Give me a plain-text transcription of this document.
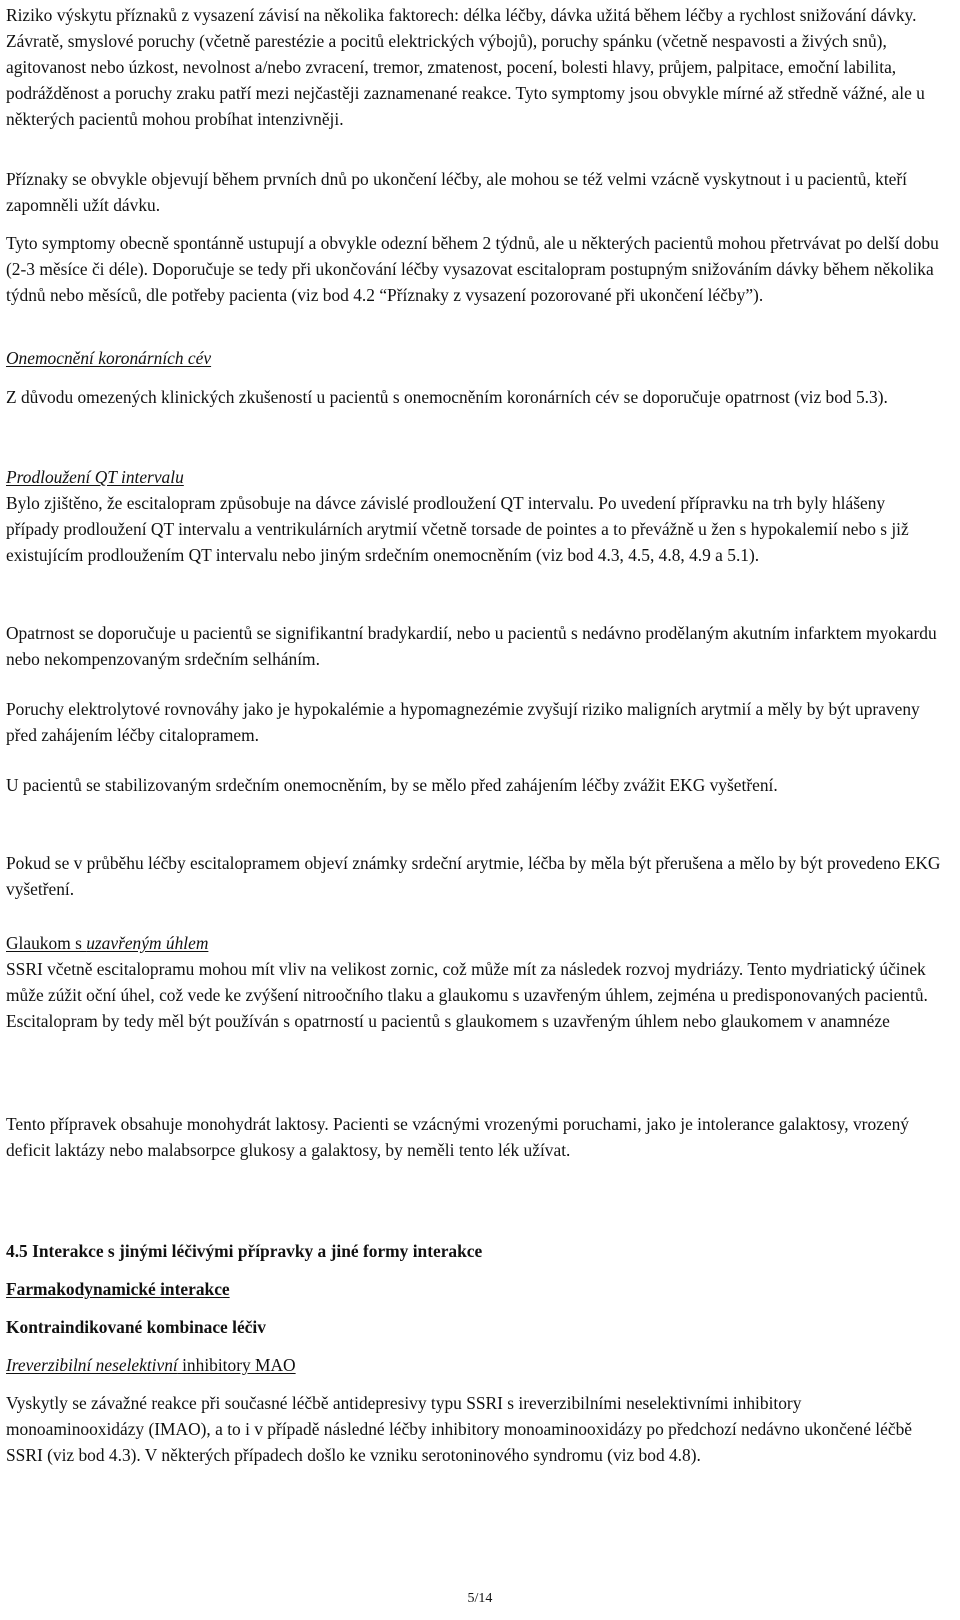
Riziko výskytu příznaků z vysazení závisí na několika faktorech: délka léčby, dávka užitá během léčby a rychlost snižování dávky. Závratě, smyslové poruchy (včetně parestézie a pocitů elektrických výbojů), poruchy spánku (včetně nespavosti a živých snů), agitovanost nebo úzkost, nevolnost a/nebo zvracení, tremor, zmatenost, pocení, bolesti hlavy, průjem, palpitace, emoční labilita, podrážděnost a poruchy zraku patří mezi nejčastěji zaznamenané reakce. Tyto symptomy jsou obvykle mírné až středně vážné, ale u některých pacientů mohou probíhat intenzivněji.

Příznaky se obvykle objevují během prvních dnů po ukončení léčby, ale mohou se též velmi vzácně vyskytnout i u pacientů, kteří zapomněli užít dávku.

Tyto symptomy obecně spontánně ustupují a obvykle odezní během 2 týdnů, ale u některých pacientů mohou přetrvávat po delší dobu (2-3 měsíce či déle). Doporučuje se tedy při ukončování léčby vysazovat escitalopram postupným snižováním dávky během několika týdnů nebo měsíců, dle potřeby pacienta (viz bod 4.2 “Příznaky z vysazení pozorované při ukončení léčby”).

Onemocnění koronárních cév

Z důvodu omezených klinických zkušeností u pacientů s onemocněním koronárních cév se doporučuje opatrnost (viz bod 5.3).

Prodloužení QT intervalu

Bylo zjištěno, že escitalopram způsobuje na dávce závislé prodloužení QT intervalu. Po uvedení přípravku na trh byly hlášeny případy prodloužení QT intervalu a ventrikulárních arytmií včetně torsade de pointes a to převážně u žen s hypokalemií nebo s již existujícím prodloužením QT intervalu nebo jiným srdečním onemocněním (viz bod 4.3, 4.5, 4.8, 4.9 a 5.1).

Opatrnost se doporučuje u pacientů se signifikantní bradykardií, nebo u pacientů s nedávno prodělaným akutním infarktem myokardu nebo nekompenzovaným srdečním selháním.

Poruchy elektrolytové rovnováhy jako je hypokalémie a hypomagnezémie zvyšují riziko maligních arytmií a měly by být upraveny před zahájením léčby citalopramem.

U pacientů se stabilizovaným srdečním onemocněním, by se mělo před zahájením léčby zvážit EKG vyšetření.

Pokud se v průběhu léčby escitalopramem objeví známky srdeční arytmie, léčba by měla být přerušena a mělo by být provedeno EKG vyšetření.

Glaukom s uzavřeným úhlem

SSRI včetně escitalopramu mohou mít vliv na velikost zornic, což může mít za následek rozvoj mydriázy. Tento mydriatický účinek může zúžit oční úhel, což vede ke zvýšení nitroočního tlaku a glaukomu s uzavřeným úhlem, zejména u predisponovaných pacientů. Escitalopram by tedy měl být používán s opatrností u pacientů s glaukomem s uzavřeným úhlem nebo glaukomem v anamnéze

Tento přípravek obsahuje monohydrát laktosy. Pacienti se vzácnými vrozenými poruchami, jako je intolerance galaktosy, vrozený deficit laktázy nebo malabsorpce glukosy a galaktosy, by neměli tento lék užívat.

4.5 Interakce s jinými léčivými přípravky a jiné formy interakce

Farmakodynamické interakce

Kontraindikované kombinace léčiv

Ireverzibilní neselektivní inhibitory MAO

Vyskytly se závažné reakce při současné léčbě antidepresivy typu SSRI s ireverzibilními neselektivními inhibitory monoaminooxidázy (IMAO), a to i v případě následné léčby inhibitory monoaminooxidázy po předchozí nedávno ukončené léčbě SSRI (viz bod 4.3). V některých případech došlo ke vzniku serotoninového syndromu (viz bod 4.8).

5/14
